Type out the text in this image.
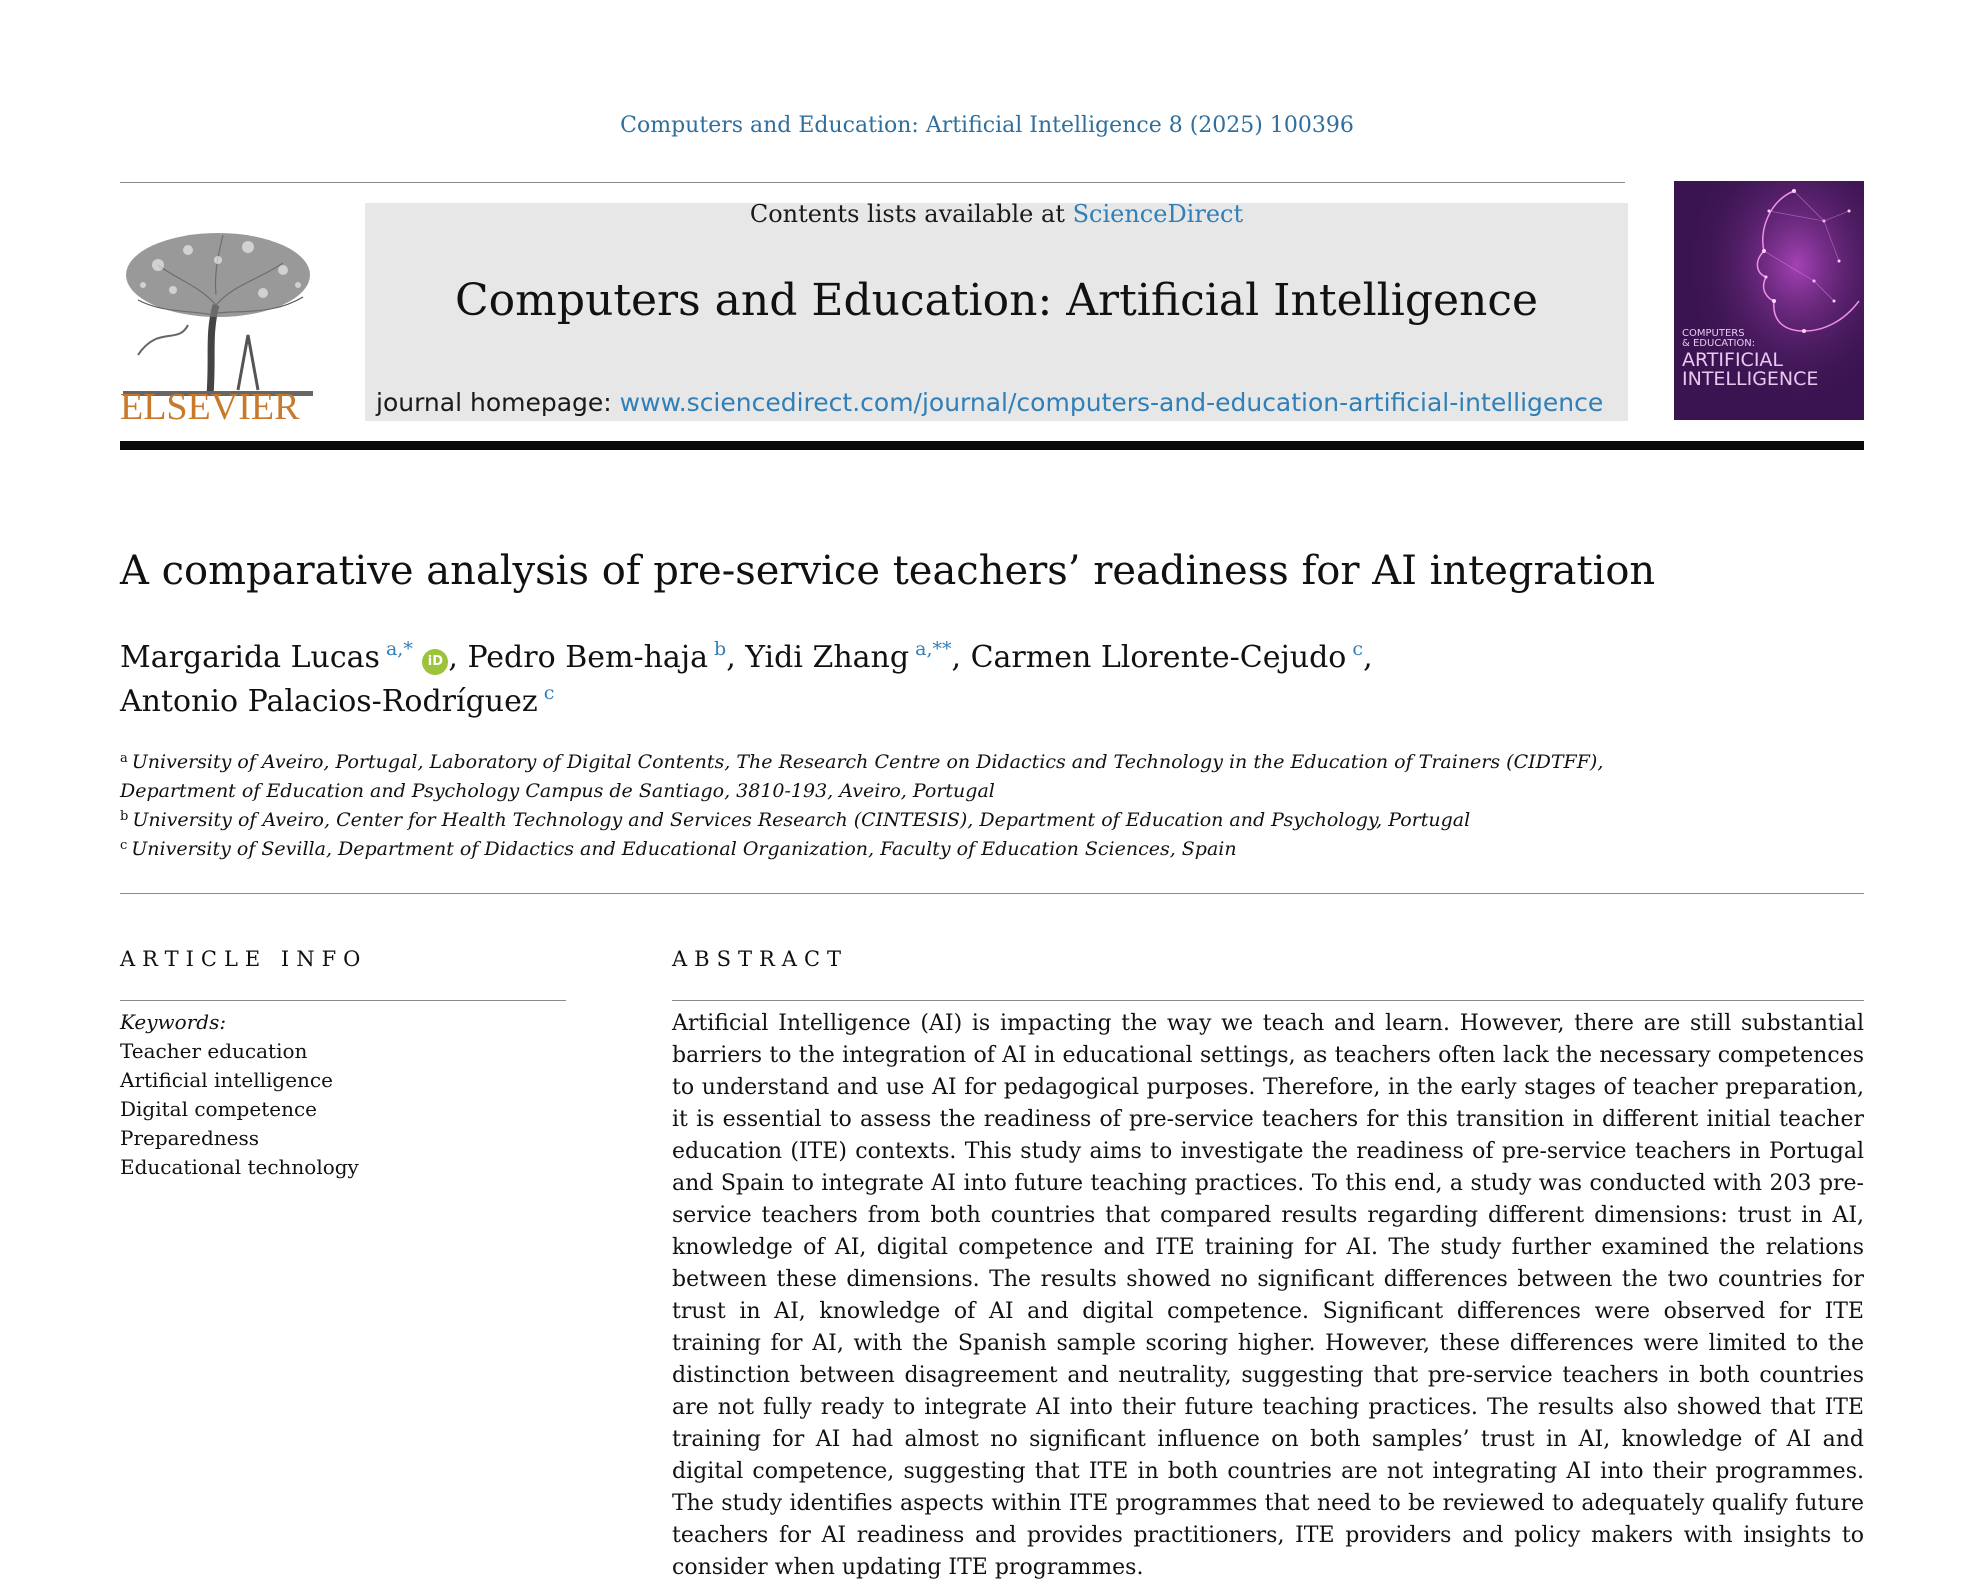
Computers and Education: Artificial Intelligence 8 (2025) 100396
ELSEVIER
Contents lists available at ScienceDirect
Computers and Education: Artificial Intelligence
journal homepage: www.sciencedirect.com/journal/computers-and-education-artificial-intelligence
COMPUTERS
& EDUCATION:
ARTIFICIAL
INTELLIGENCE
A comparative analysis of pre-service teachers’ readiness for AI integration
Margarida Lucas $^{a,*}$ iD , Pedro Bem-haja $^b$, Yidi Zhang $^{a,**}$, Carmen Llorente-Cejudo $^c$,
Antonio Palacios-Rodríguez $^c$
$^a$ University of Aveiro, Portugal, Laboratory of Digital Contents, The Research Centre on Didactics and Technology in the Education of Trainers (CIDTFF), Department of Education and Psychology Campus de Santiago, 3810-193, Aveiro, Portugal
$^b$ University of Aveiro, Center for Health Technology and Services Research (CINTESIS), Department of Education and Psychology, Portugal
$^c$ University of Sevilla, Department of Didactics and Educational Organization, Faculty of Education Sciences, Spain
ARTICLE INFO
Keywords:
Teacher education
Artificial intelligence
Digital competence
Preparedness
Educational technology
ABSTRACT
Artificial Intelligence (AI) is impacting the way we teach and learn. However, there are still substantial barriers to the integration of AI in educational settings, as teachers often lack the necessary competences to understand and use AI for pedagogical purposes. Therefore, in the early stages of teacher preparation, it is essential to assess the readiness of pre-service teachers for this transition in different initial teacher education (ITE) contexts. This study aims to investigate the readiness of pre-service teachers in Portugal and Spain to integrate AI into future teaching practices. To this end, a study was conducted with 203 pre-service teachers from both countries that compared results regarding different dimensions: trust in AI, knowledge of AI, digital competence and ITE training for AI. The study further examined the relations between these dimensions. The results showed no significant differences between the two countries for trust in AI, knowledge of AI and digital competence. Significant differences were observed for ITE training for AI, with the Spanish sample scoring higher. However, these differences were limited to the distinction between disagreement and neutrality, suggesting that pre-service teachers in both countries are not fully ready to integrate AI into their future teaching practices. The results also showed that ITE training for AI had almost no significant influence on both samples’ trust in AI, knowledge of AI and digital competence, suggesting that ITE in both countries are not integrating AI into their programmes. The study identifies aspects within ITE programmes that need to be reviewed to adequately qualify future teachers for AI readiness and provides practitioners, ITE providers and policy makers with insights to consider when updating ITE programmes.
